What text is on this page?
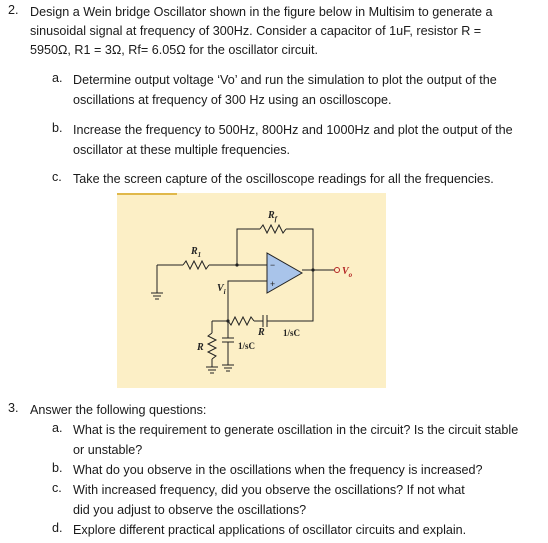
2. Design a Wein bridge Oscillator shown in the figure below in Multisim to generate a
sinusoidal signal at frequency of 300Hz. Consider a capacitor of 1uF, resistor R =
5950Ω, R1 = 3Ω, Rf= 6.05Ω for the oscillator circuit.
a. Determine output voltage ‘Vo’ and run the simulation to plot the output of the
oscillations at frequency of 300 Hz using an oscilloscope.
b. Increase the frequency to 500Hz, 800Hz and 1000Hz and plot the output of the
oscillator at these multiple frequencies.
c. Take the screen capture of the oscilloscope readings for all the frequencies.
−
+
$R_f$
$R_1$
$V_i$
$V_o$
R 1/sC
R	1/sC
3. Answer the following questions:
a. What is the requirement to generate oscillation in the circuit? Is the circuit stable
or unstable?
b. What do you observe in the oscillations when the frequency is increased?
c. With increased frequency, did you observe the oscillations? If not what
did you adjust to observe the oscillations?
d. Explore different practical applications of oscillator circuits and explain.
